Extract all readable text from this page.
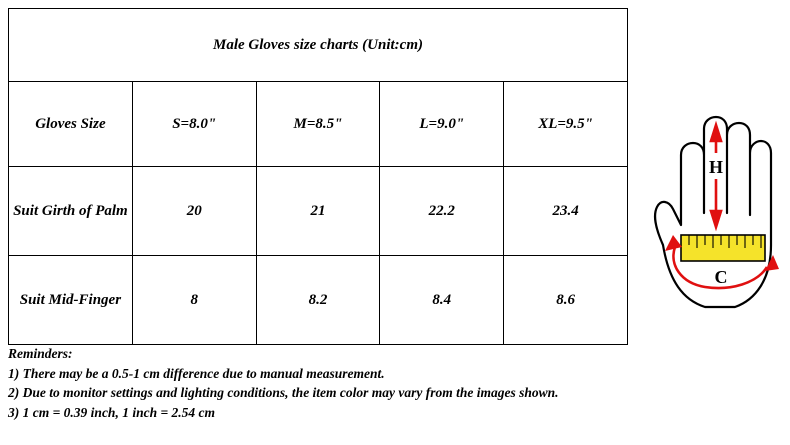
Male Gloves size charts (Unit:cm)				
Gloves Size	S=8.0"	M=8.5"	L=9.0"	XL=9.5"
Suit Girth of Palm	20	21	22.2	23.4
Suit Mid-Finger	8	8.2	8.4	8.6
H
C
Reminders:
1) There may be a 0.5-1 cm difference due to manual measurement.
2) Due to monitor settings and lighting conditions, the item color may vary from the images shown.
3) 1 cm = 0.39 inch, 1 inch = 2.54 cm
